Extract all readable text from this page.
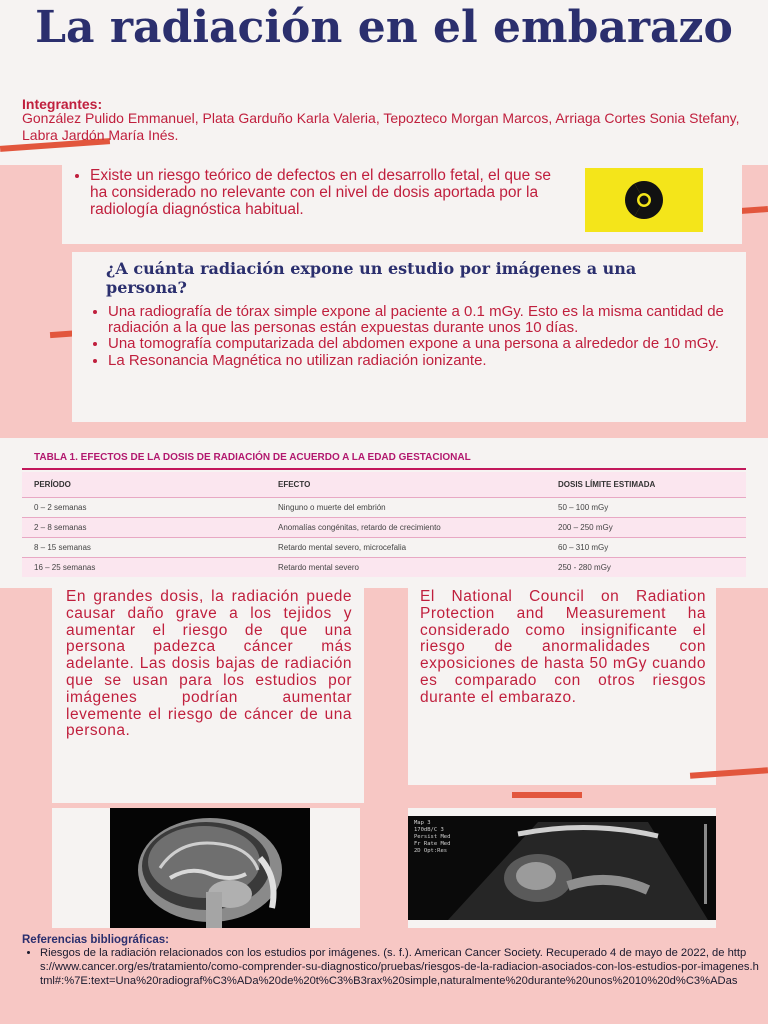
La radiación en el embarazo

Integrantes:

González Pulido Emmanuel, Plata Garduño Karla Valeria, Tepozteco Morgan Marcos, Arriaga Cortes Sonia Stefany, Labra Jardón María Inés.

• Existe un riesgo teórico de defectos en el desarrollo fetal, el que se ha considerado no relevante con el nivel de dosis aportada por la radiología diagnóstica habitual.
¿A cuánta radiación expone un estudio por imágenes a una persona?
• Una radiografía de tórax simple expone al paciente a 0.1 mGy. Esto es la misma cantidad de radiación a la que las personas están expuestas durante unos 10 días.
• Una tomografía computarizada del abdomen expone a una persona a alrededor de 10 mGy.
• La Resonancia Magnética no utilizan radiación ionizante.

TABLA 1. EFECTOS DE LA DOSIS DE RADIACIÓN DE ACUERDO A LA EDAD GESTACIONAL

PERÍODO	EFECTO	DOSIS LÍMITE ESTIMADA
0 – 2 semanas	Ninguno o muerte del embrión	50 – 100 mGy
2 – 8 semanas	Anomalías congénitas, retardo de crecimiento	200 – 250 mGy
8 – 15 semanas	Retardo mental severo, microcefalia	60 – 310 mGy
16 – 25 semanas	Retardo mental severo	250 - 280 mGy

En grandes dosis, la radiación puede causar daño grave a los tejidos y aumentar el riesgo de que una persona padezca cáncer más adelante. Las dosis bajas de radiación que se usan para los estudios por imágenes podrían aumentar levemente el riesgo de cáncer de una persona.

El National Council on Radiation Protection and Measurement ha considerado como insignificante el riesgo de anormalidades con exposiciones de hasta 50 mGy cuando es comparado con otros riesgos durante el embarazo.

Map 3
170dB/C 3
Persist Med
Fr Rate Med
2D Opt:Res

Referencias bibliográficas:

• Riesgos de la radiación relacionados con los estudios por imágenes. (s. f.). American Cancer Society. Recuperado 4 de mayo de 2022, de https://www.cancer.org/es/tratamiento/como-comprender-su-diagnostico/pruebas/riesgos-de-la-radiacion-asociados-con-los-estudios-por-imagenes.html#:%7E:text=Una%20radiograf%C3%ADa%20de%20t%C3%B3rax%20simple,naturalmente%20durante%20unos%2010%20d%C3%ADas
